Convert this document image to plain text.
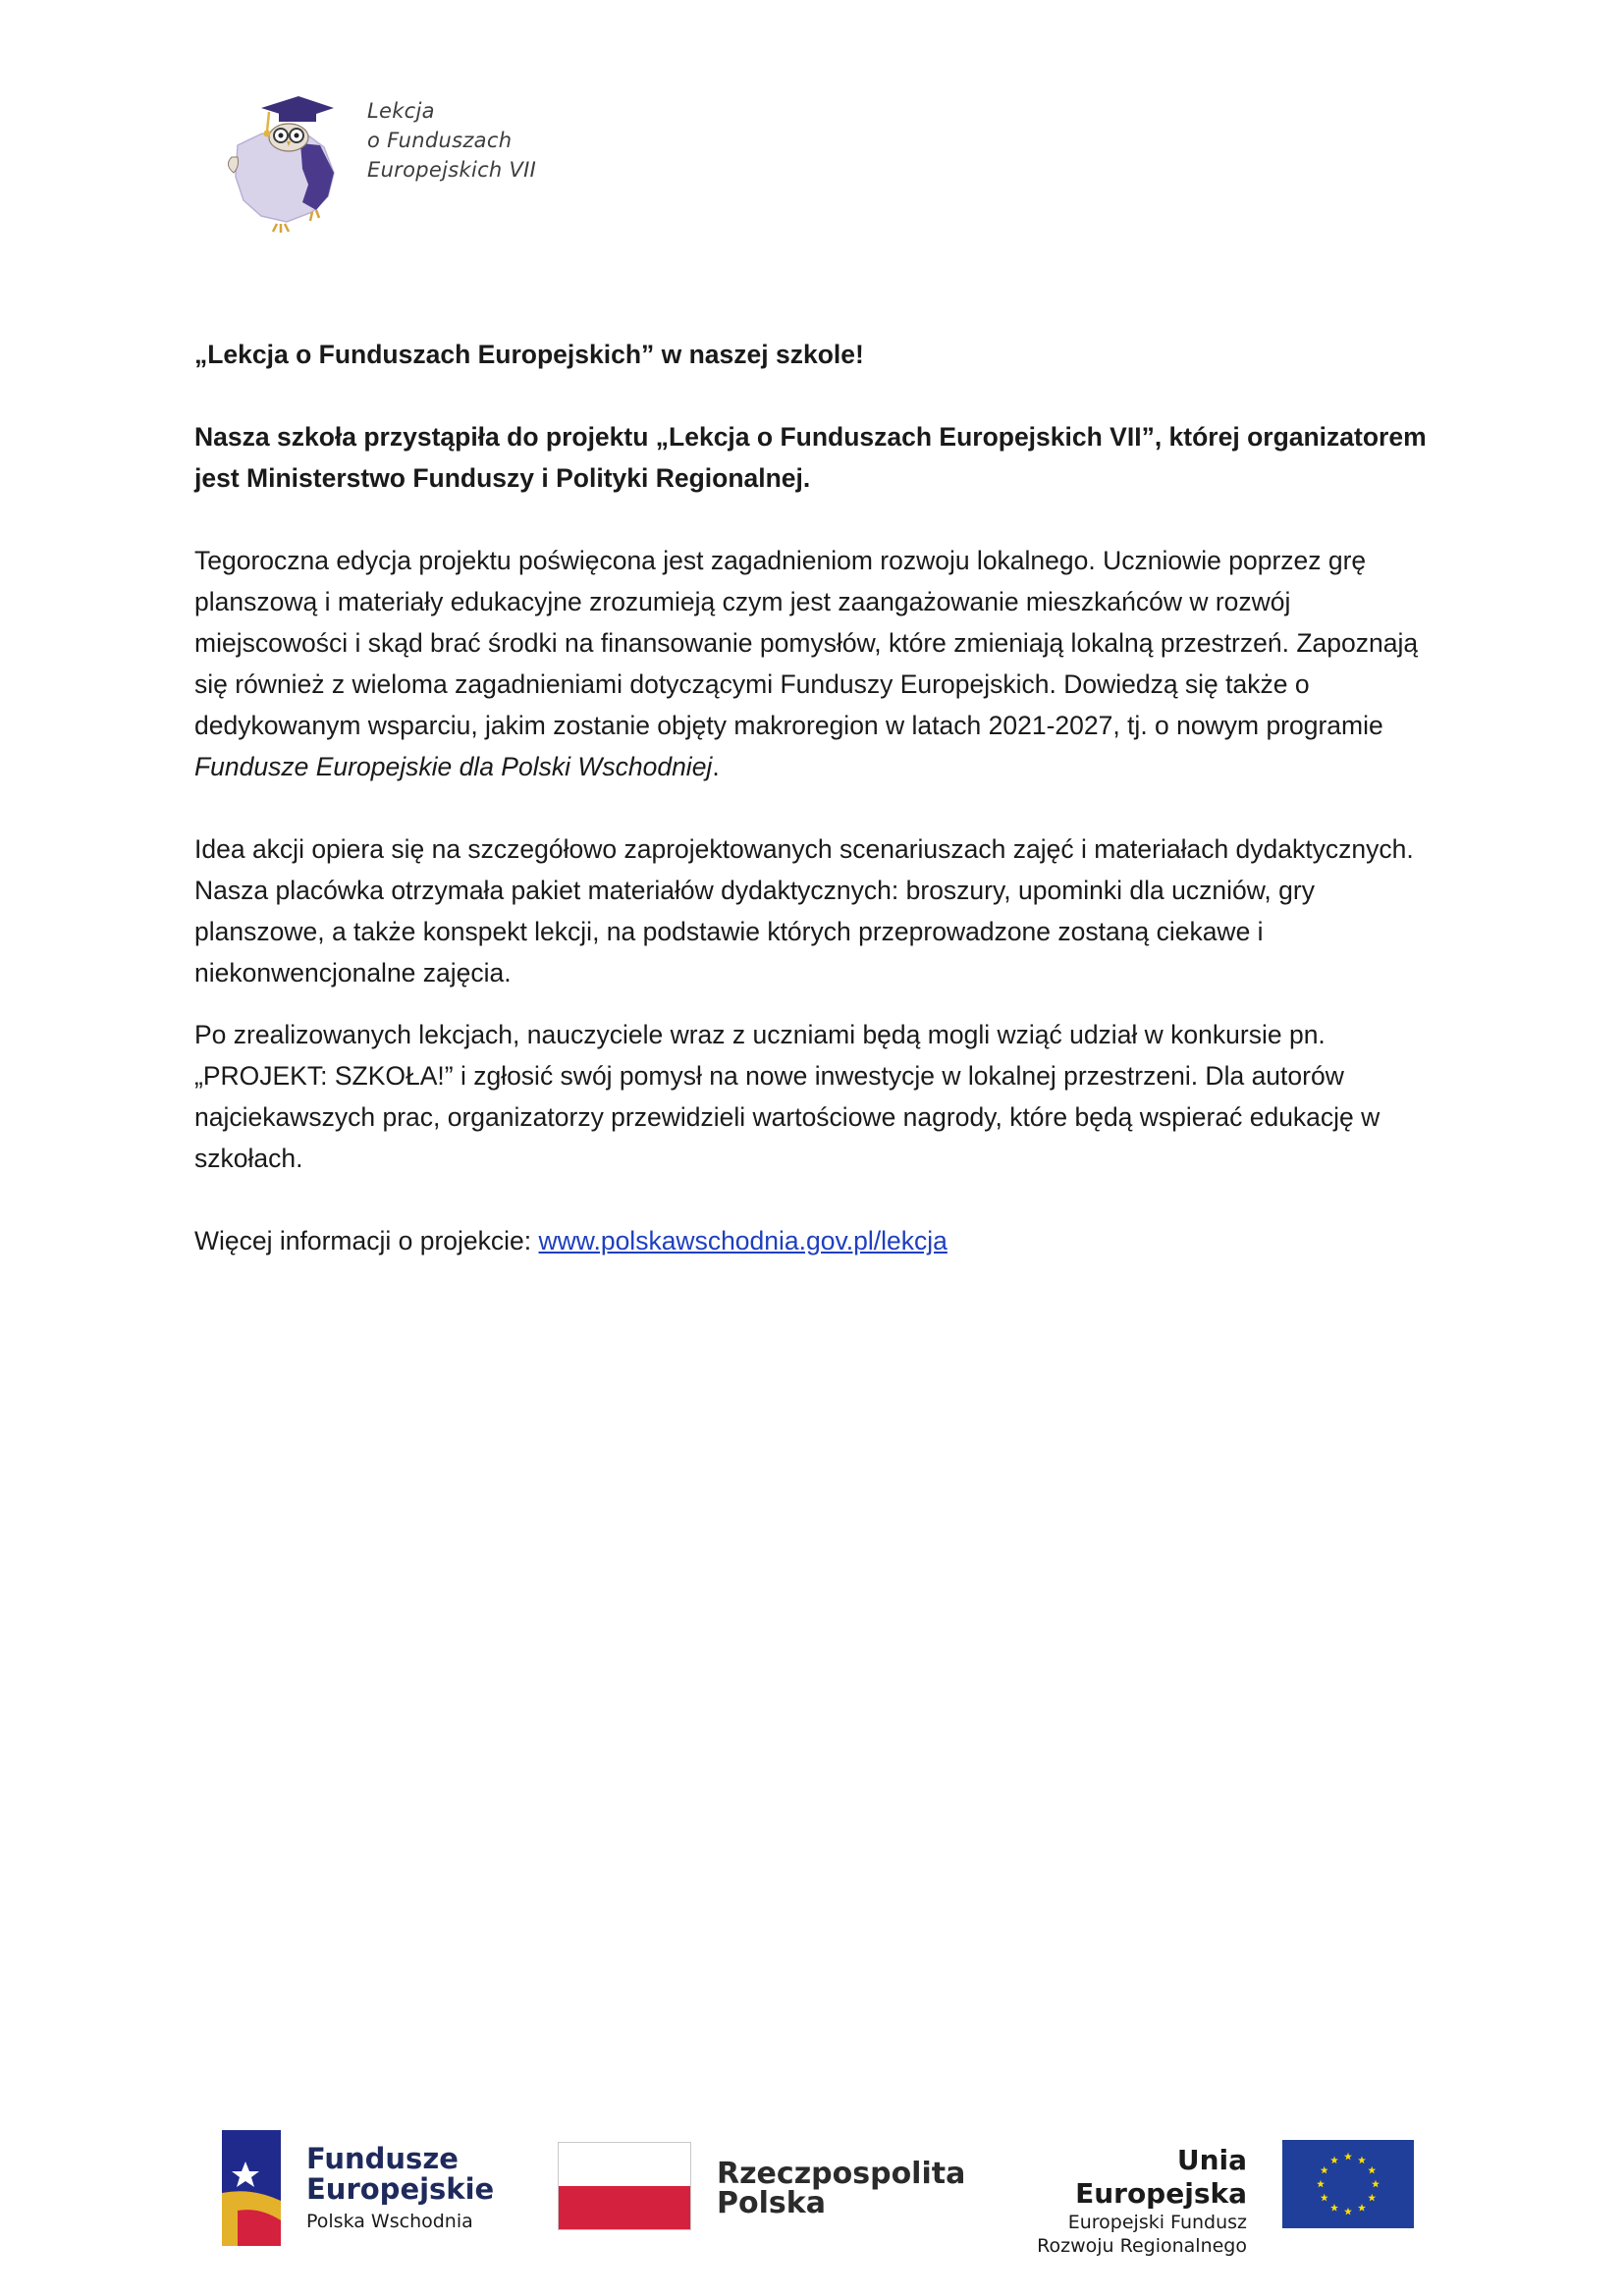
Lekcja
o Funduszach
Europejskich VII

„Lekcja o Funduszach Europejskich” w naszej szkole!

Nasza szkoła przystąpiła do projektu „Lekcja o Funduszach Europejskich VII”, której organizatorem jest Ministerstwo Funduszy i Polityki Regionalnej.

Tegoroczna edycja projektu poświęcona jest zagadnieniom rozwoju lokalnego. Uczniowie poprzez grę planszową i materiały edukacyjne zrozumieją czym jest zaangażowanie mieszkańców w rozwój miejscowości i skąd brać środki na finansowanie pomysłów, które zmieniają lokalną przestrzeń. Zapoznają się również z wieloma zagadnieniami dotyczącymi Funduszy Europejskich. Dowiedzą się także o dedykowanym wsparciu, jakim zostanie objęty makroregion w latach 2021-2027, tj. o nowym programie Fundusze Europejskie dla Polski Wschodniej.

Idea akcji opiera się na szczegółowo zaprojektowanych scenariuszach zajęć i materiałach dydaktycznych. Nasza placówka otrzymała pakiet materiałów dydaktycznych: broszury, upominki dla uczniów, gry planszowe, a także konspekt lekcji, na podstawie których przeprowadzone zostaną ciekawe i niekonwencjonalne zajęcia.

Po zrealizowanych lekcjach, nauczyciele wraz z uczniami będą mogli wziąć udział w konkursie pn. „PROJEKT: SZKOŁA!” i zgłosić swój pomysł na nowe inwestycje w lokalnej przestrzeni. Dla autorów najciekawszych prac, organizatorzy przewidzieli wartościowe nagrody, które będą wspierać edukację w szkołach.

Więcej informacji o projekcie: www.polskawschodnia.gov.pl/lekcja

Fundusze
Europejskie
Polska Wschodnia
Rzeczpospolita
Polska
Unia Europejska
Europejski Fundusz
Rozwoju Regionalnego
